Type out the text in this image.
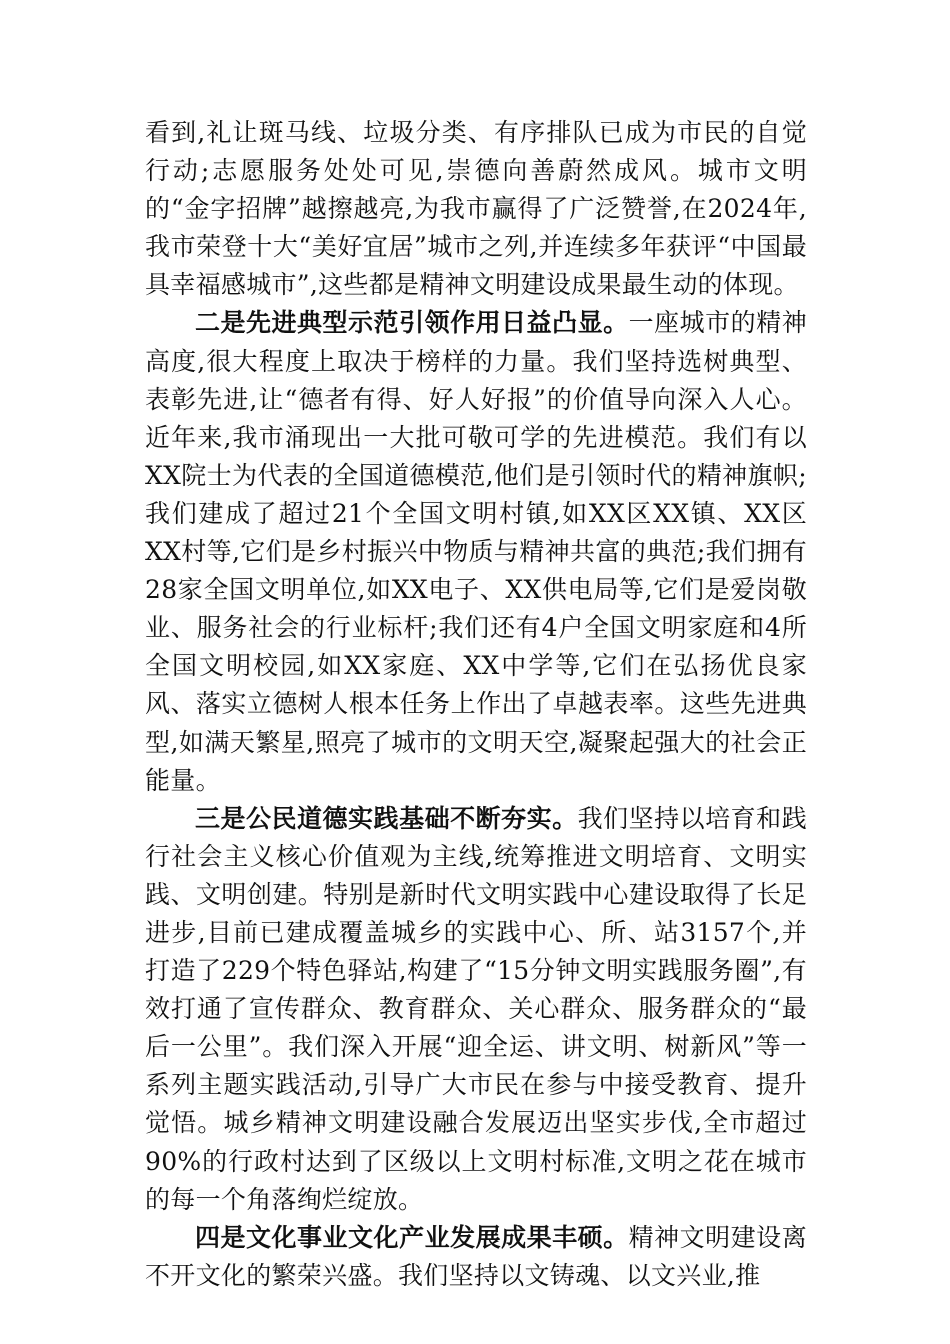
看到,礼让斑马线、垃圾分类、有序排队已成为市民的自觉行动;志愿服务处处可见,崇德向善蔚然成风。城市文明的“金字招牌”越擦越亮,为我市赢得了广泛赞誉,在2024年,我市荣登十大“美好宜居”城市之列,并连续多年获评“中国最具幸福感城市”,这些都是精神文明建设成果最生动的体现。

二是先进典型示范引领作用日益凸显。一座城市的精神高度,很大程度上取决于榜样的力量。我们坚持选树典型、表彰先进,让“德者有得、好人好报”的价值导向深入人心。近年来,我市涌现出一大批可敬可学的先进模范。我们有以XX院士为代表的全国道德模范,他们是引领时代的精神旗帜;我们建成了超过21个全国文明村镇,如XX区XX镇、XX区XX村等,它们是乡村振兴中物质与精神共富的典范;我们拥有28家全国文明单位,如XX电子、XX供电局等,它们是爱岗敬业、服务社会的行业标杆;我们还有4户全国文明家庭和4所全国文明校园,如XX家庭、XX中学等,它们在弘扬优良家风、落实立德树人根本任务上作出了卓越表率。这些先进典型,如满天繁星,照亮了城市的文明天空,凝聚起强大的社会正能量。

三是公民道德实践基础不断夯实。我们坚持以培育和践行社会主义核心价值观为主线,统筹推进文明培育、文明实践、文明创建。特别是新时代文明实践中心建设取得了长足进步,目前已建成覆盖城乡的实践中心、所、站3157个,并打造了229个特色驿站,构建了“15分钟文明实践服务圈”,有效打通了宣传群众、教育群众、关心群众、服务群众的“最后一公里”。我们深入开展“迎全运、讲文明、树新风”等一系列主题实践活动,引导广大市民在参与中接受教育、提升觉悟。城乡精神文明建设融合发展迈出坚实步伐,全市超过90%的行政村达到了区级以上文明村标准,文明之花在城市的每一个角落绚烂绽放。

四是文化事业文化产业发展成果丰硕。精神文明建设离不开文化的繁荣兴盛。我们坚持以文铸魂、以文兴业,推
